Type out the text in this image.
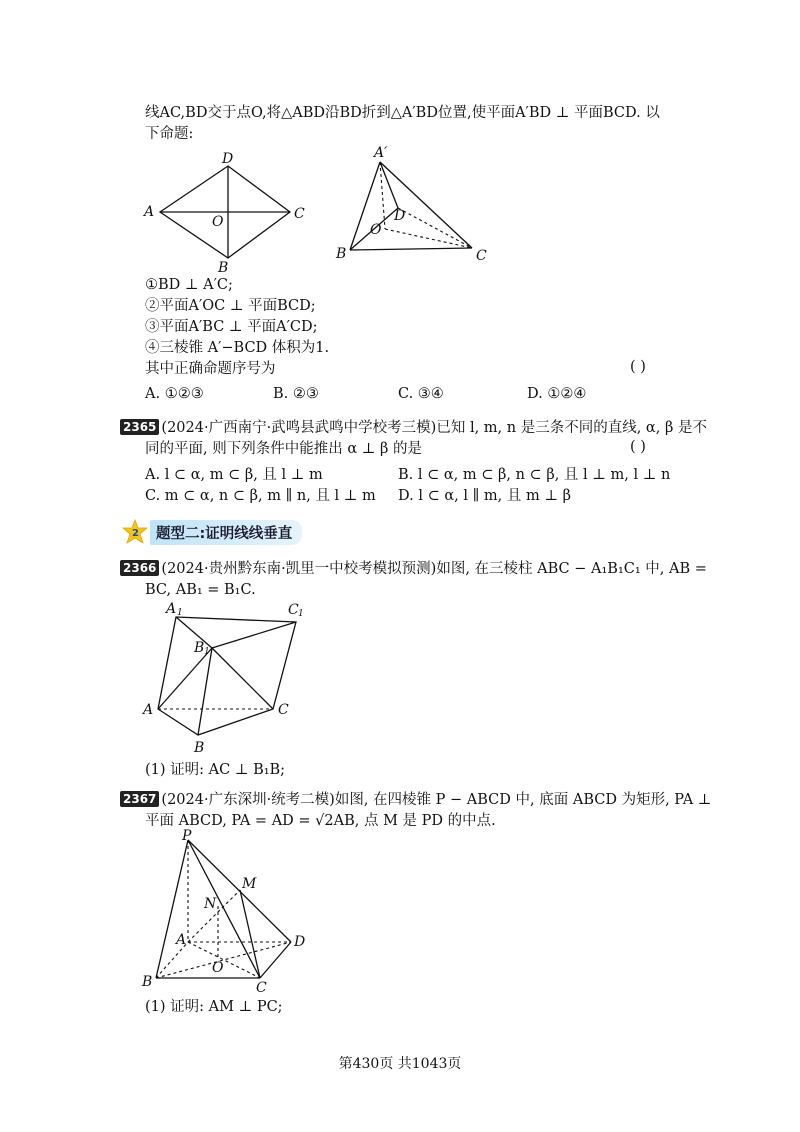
线AC,BD交于点O,将△ABD沿BD折到△A′BD位置,使平面A′BD ⊥ 平面BCD. 以
下命题:
D
A
O	C
B
A′
D
O
B	C
①BD ⊥ A′C;
②平面A′OC ⊥ 平面BCD;
③平面A′BC ⊥ 平面A′CD;
④三棱锥 A′−BCD 体积为1.
其中正确命题序号为	( )
A. ①②③	B. ②③	C. ③④	D. ①②④
2365 (2024·广西南宁·武鸣县武鸣中学校考三模)已知 l, m, n 是三条不同的直线, α, β 是不
同的平面, 则下列条件中能推出 α ⊥ β 的是	( )
A. l ⊂ α, m ⊂ β, 且 l ⊥ m	B. l ⊂ α, m ⊂ β, n ⊂ β, 且 l ⊥ m, l ⊥ n
C. m ⊂ α, n ⊂ β, m ∥ n, 且 l ⊥ m D. l ⊂ α, l ∥ m, 且 m ⊥ β
2	题型二:证明线线垂直
2366 (2024·贵州黔东南·凯里一中校考模拟预测)如图, 在三棱柱 ABC − A₁B₁C₁ 中, AB =
BC, AB₁ = B₁C.
A 1	C 1
B 1
A	C
B
(1) 证明: AC ⊥ B₁B;
2367 (2024·广东深圳·统考二模)如图, 在四棱锥 P − ABCD 中, 底面 ABCD 为矩形, PA ⊥
平面 ABCD, PA = AD = √2AB, 点 M 是 PD 的中点.
P
M
N
A	D
O
B	C
(1) 证明: AM ⊥ PC;
第430页 共1043页
